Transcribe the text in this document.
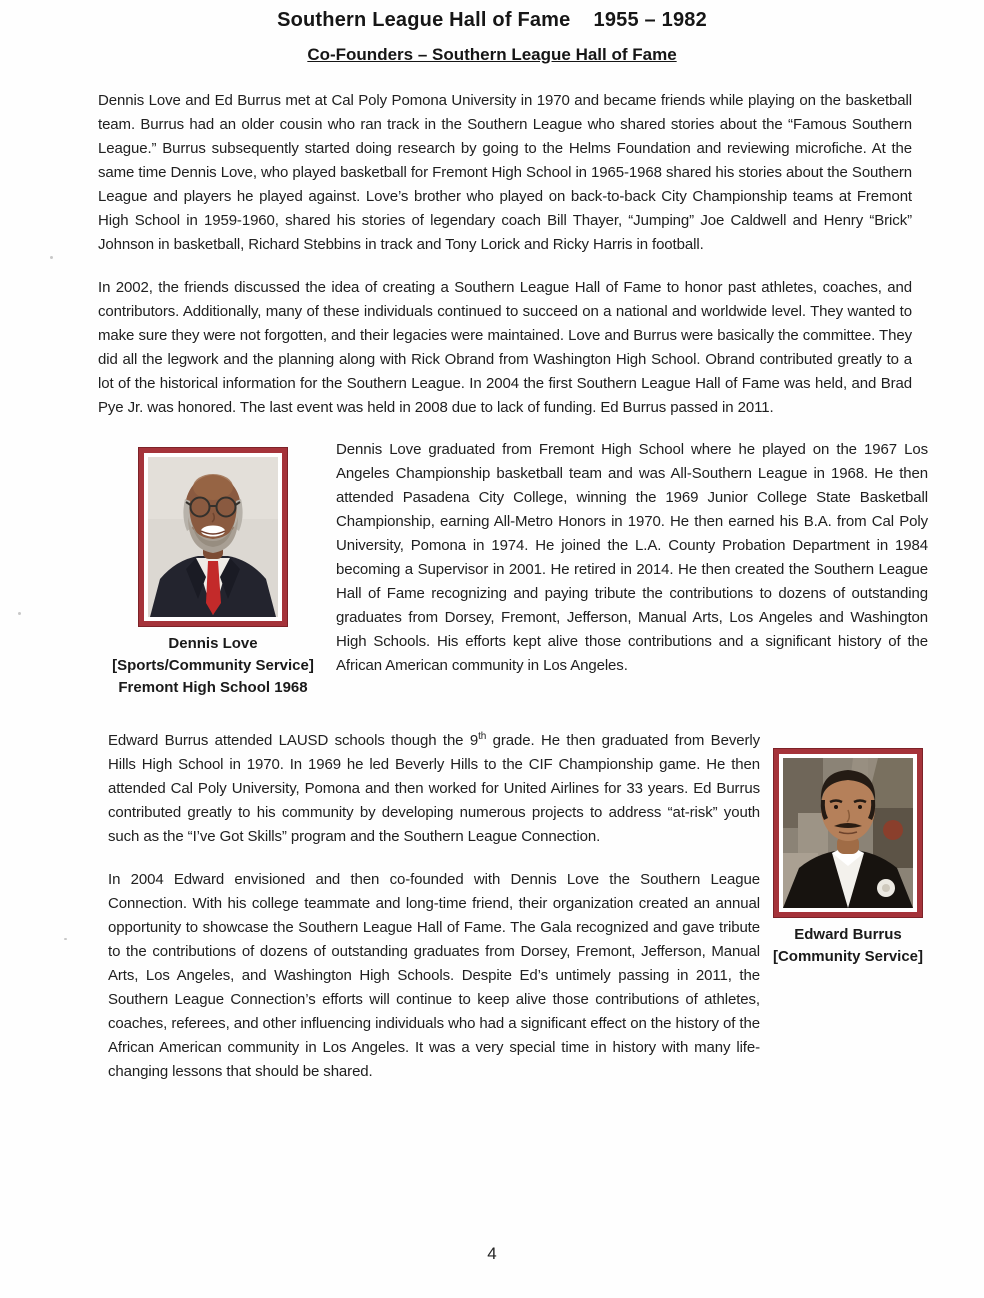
Southern League Hall of Fame    1955 – 1982
Co-Founders – Southern League Hall of Fame

Dennis Love and Ed Burrus met at Cal Poly Pomona University in 1970 and became friends while playing on the basketball team. Burrus had an older cousin who ran track in the Southern League who shared stories about the “Famous Southern League.” Burrus subsequently started doing research by going to the Helms Foundation and reviewing microfiche. At the same time Dennis Love, who played basketball for Fremont High School in 1965-1968 shared his stories about the Southern League and players he played against. Love’s brother who played on back-to-back City Championship teams at Fremont High School in 1959-1960, shared his stories of legendary coach Bill Thayer, “Jumping” Joe Caldwell and Henry “Brick” Johnson in basketball, Richard Stebbins in track and Tony Lorick and Ricky Harris in football.

In 2002, the friends discussed the idea of creating a Southern League Hall of Fame to honor past athletes, coaches, and contributors. Additionally, many of these individuals continued to succeed on a national and worldwide level. They wanted to make sure they were not forgotten, and their legacies were maintained. Love and Burrus were basically the committee. They did all the legwork and the planning along with Rick Obrand from Washington High School. Obrand contributed greatly to a lot of the historical information for the Southern League. In 2004 the first Southern League Hall of Fame was held, and Brad Pye Jr. was honored. The last event was held in 2008 due to lack of funding. Ed Burrus passed in 2011.

Dennis Love
[Sports/Community Service]
Fremont High School 1968

Dennis Love graduated from Fremont High School where he played on the 1967 Los Angeles Championship basketball team and was All-Southern League in 1968. He then attended Pasadena City College, winning the 1969 Junior College State Basketball Championship, earning All-Metro Honors in 1970. He then earned his B.A. from Cal Poly University, Pomona in 1974. He joined the L.A. County Probation Department in 1984 becoming a Supervisor in 2001. He retired in 2014. He then created the Southern League Hall of Fame recognizing and paying tribute the contributions to dozens of outstanding graduates from Dorsey, Fremont, Jefferson, Manual Arts, Los Angeles and Washington High Schools. His efforts kept alive those contributions and a significant history of the African American community in Los Angeles.

Edward Burrus attended LAUSD schools though the 9th grade. He then graduated from Beverly Hills High School in 1970. In 1969 he led Beverly Hills to the CIF Championship game. He then attended Cal Poly University, Pomona and then worked for United Airlines for 33 years. Ed Burrus contributed greatly to his community by developing numerous projects to address “at-risk” youth such as the “I’ve Got Skills” program and the Southern League Connection.

In 2004 Edward envisioned and then co-founded with Dennis Love the Southern League Connection. With his college teammate and long-time friend, their organization created an annual opportunity to showcase the Southern League Hall of Fame. The Gala recognized and gave tribute to the contributions of dozens of outstanding graduates from Dorsey, Fremont, Jefferson, Manual Arts, Los Angeles, and Washington High Schools. Despite Ed’s untimely passing in 2011, the Southern League Connection’s efforts will continue to keep alive those contributions of athletes, coaches, referees, and other influencing individuals who had a significant effect on the history of the African American community in Los Angeles. It was a very special time in history with many life-changing lessons that should be shared.

Edward Burrus
[Community Service]
4
